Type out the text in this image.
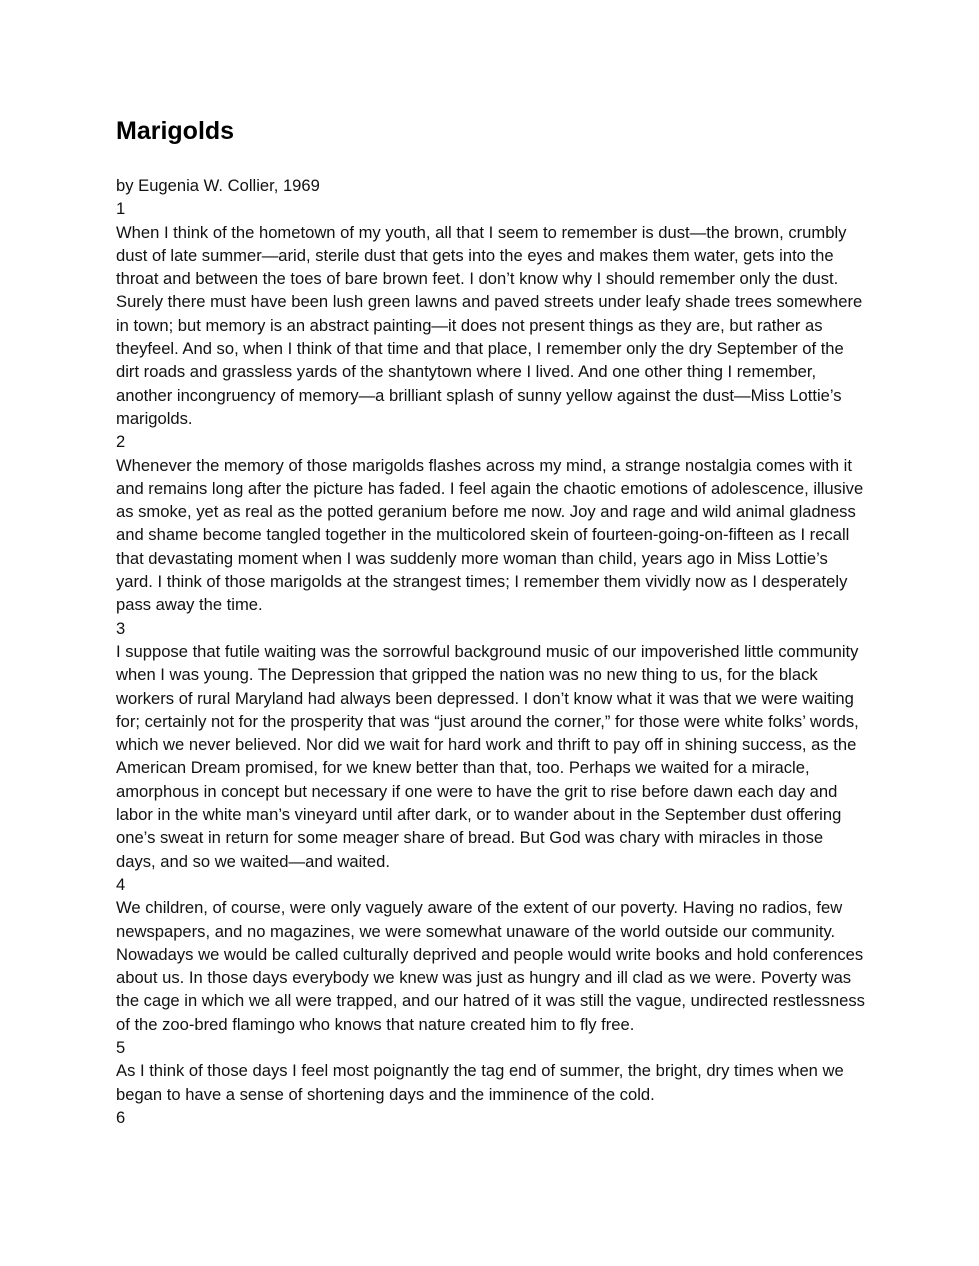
Marigolds

by Eugenia W. Collier, 1969

1

When I think of the hometown of my youth, all that I seem to remember is dust—the brown, crumbly dust of late summer—arid, sterile dust that gets into the eyes and makes them water, gets into the throat and between the toes of bare brown feet. I don’t know why I should remember only the dust. Surely there must have been lush green lawns and paved streets under leafy shade trees somewhere in town; but memory is an abstract painting—it does not present things as they are, but rather as theyfeel. And so, when I think of that time and that place, I remember only the dry September of the dirt roads and grassless yards of the shantytown where I lived. And one other thing I remember, another incongruency of memory—a brilliant splash of sunny yellow against the dust—Miss Lottie’s marigolds.

2

Whenever the memory of those marigolds flashes across my mind, a strange nostalgia comes with it and remains long after the picture has faded. I feel again the chaotic emotions of adolescence, illusive as smoke, yet as real as the potted geranium before me now. Joy and rage and wild animal gladness and shame become tangled together in the multicolored skein of fourteen-going-on-fifteen as I recall that devastating moment when I was suddenly more woman than child, years ago in Miss Lottie’s yard. I think of those marigolds at the strangest times; I remember them vividly now as I desperately pass away the time.

3

I suppose that futile waiting was the sorrowful background music of our impoverished little community when I was young. The Depression that gripped the nation was no new thing to us, for the black workers of rural Maryland had always been depressed. I don’t know what it was that we were waiting for; certainly not for the prosperity that was “just around the corner,” for those were white folks’ words, which we never believed. Nor did we wait for hard work and thrift to pay off in shining success, as the American Dream promised, for we knew better than that, too. Perhaps we waited for a miracle, amorphous in concept but necessary if one were to have the grit to rise before dawn each day and labor in the white man’s vineyard until after dark, or to wander about in the September dust offering one’s sweat in return for some meager share of bread. But God was chary with miracles in those days, and so we waited—and waited.

4

We children, of course, were only vaguely aware of the extent of our poverty. Having no radios, few newspapers, and no magazines, we were somewhat unaware of the world outside our community. Nowadays we would be called culturally deprived and people would write books and hold conferences about us. In those days everybody we knew was just as hungry and ill clad as we were. Poverty was the cage in which we all were trapped, and our hatred of it was still the vague, undirected restlessness of the zoo-bred flamingo who knows that nature created him to fly free.

5

As I think of those days I feel most poignantly the tag end of summer, the bright, dry times when we began to have a sense of shortening days and the imminence of the cold.

6
